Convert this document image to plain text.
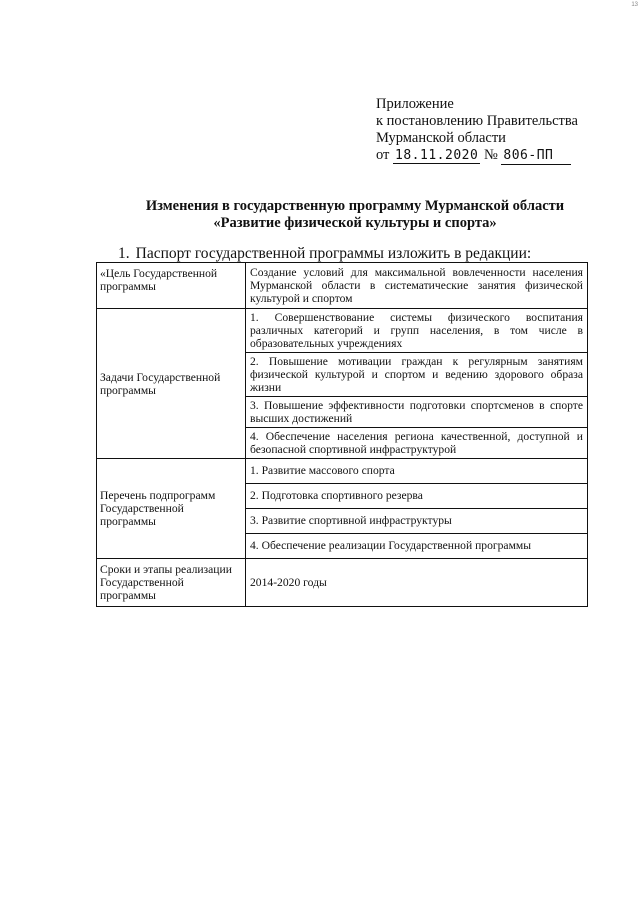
13
Приложение
к постановлению Правительства
Мурманской области
от 18.11.2020 № 806-ПП
Изменения в государственную программу Мурманской области
«Развитие физической культуры и спорта»
1. Паспорт государственной программы изложить в редакции:
«Цель Государственной программы	Создание условий для максимальной вовлеченности населения Мурманской области в систематические занятия физической культурой и спортом

Задачи Государственной программы	1. Совершенствование системы физического воспитания различных категорий и групп населения, в том числе в образовательных учреждениях
2. Повышение мотивации граждан к регулярным занятиям физической культурой и спортом и ведению здорового образа жизни
3. Повышение эффективности подготовки спортсменов в спорте высших достижений
4. Обеспечение населения региона качественной, доступной и безопасной спортивной инфраструктурой

Перечень подпрограмм Государственной программы	1. Развитие массового спорта
2. Подготовка спортивного резерва
3. Развитие спортивной инфраструктуры
4. Обеспечение реализации Государственной программы

Сроки и этапы реализации Государственной программы	2014-2020 годы
